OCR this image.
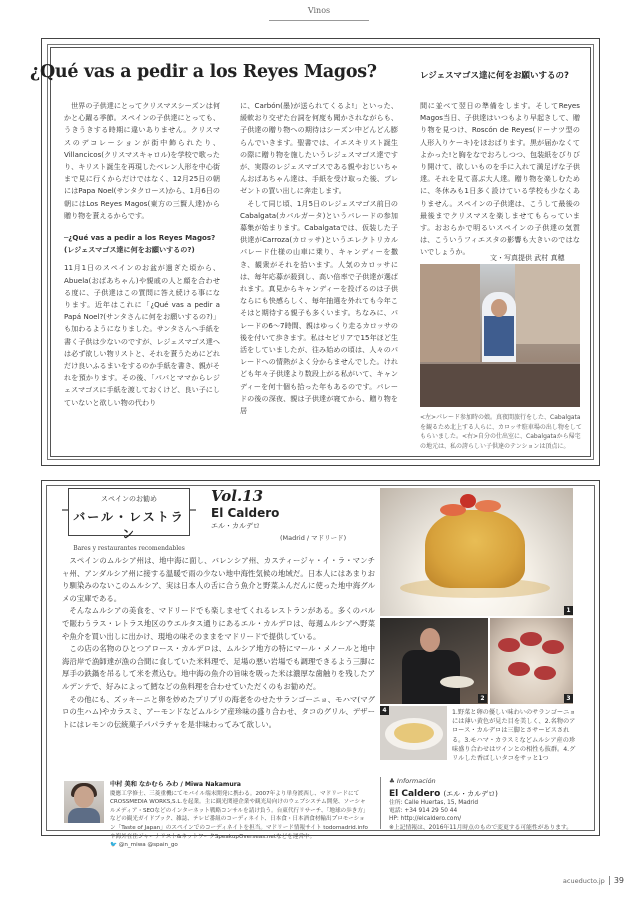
Vinos
¿Qué vas a pedir a los Reyes Magos?	レジェスマゴス達に何をお願いするの?

世界の子供達にとってクリスマスシーズンは何かと心躍る季節。スペインの子供達にとっても、うきうきする時期に違いありません。クリスマスのデコレーションが街中飾られたり、Villancicos(クリスマスキャロル)を学校で歌ったり、キリスト誕生を再現したベレン人形を中心街まで見に行くからだけではなく、12月25日の朝にはPapa Noel(サンタクロース)から、1月6日の朝にはLos Reyes Magos(東方の三賢人達)から贈り物を貰えるからです。

─¿Qué vas a pedir a los Reyes Magos?
(レジェスマゴス達に何をお願いするの?)

11月1日のスペインのお盆が過ぎた頃から、Abuela(おばあちゃん)や親戚の人と顔を合わせる度に、子供達はこの質問に答え続ける事になります。近年はこれに「¿Qué vas a pedir a Papá Noel?(サンタさんに何をお願いするの?)」も加わるようになりました。サンタさんへ手紙を書く子供は少ないのですが、レジェスマゴス達へは必ず欲しい物リストと、それを貰うためにどれだけ良いふるまいをするのか手紙を書き、親がそれを預かります。その後、「パパとママからレジェスマゴスに手紙を渡しておくけど、良い子にしていないと欲しい物の代わり

に、Carbón(墨)が送られてくるよ!」といった、緩軟おり交ぜた台詞を何度も聞かされながらも、子供達の贈り物への期待はシーズン中どんどん膨らんでいきます。聖書では、イエスキリスト誕生の際に贈り物を施したいうレジェスマゴス達ですが、実際のレジェスマゴスである親やおじいちゃんおばあちゃん達は、手紙を受け取った後、プレゼントの買い出しに奔走します。

そして同じ頃、1月5日のレジェスマゴス前日のCabalgata(カバルガータ)というパレードの参加募集が始まります。Cabalgataでは、仮装した子供達がCarroza(カロッサ)というエレクトリカルパレード仕様の山車に乗り、キャンディーを撒き、観衆がそれを拾います。人気のカロッサには、毎年応募が殺到し、高い倍率で子供達が選ばれます。真見からキャンディーを投げるのは子供ならにも快感らしく、毎年抽選を外れても今年こそはと期待する親子も多くいます。ちなみに、パレードの6～7時間、親はゆっくり走るカロッサの後を付いて歩きます。私はセビリアで15年ほど生活をしていましたが、往み始めの頃は、人々のパレードへの情熱がよく分からませんでした。けれども年々子供達より数段上がる私がいて、キャンディーを何十個も拾った年もあるのです。パレードの後の深夜、親は子供達が寝てから、贈り物を居

間に並べて翌日の準備をします。そしてReyes Magos当日、子供達はいつもより早起きして、贈り物を見つけ、Roscón de Reyes(ドーナツ型の人形入りケーキ)をほおばります。黒が届かなくてよかった!と胸をなでおろしつつ、包装紙をびりびり開けて、欲しいものを手に入れて満足げな子供達。それを見て喜ぶ大人達。贈り物を楽しむために、冬休みも1日多く設けている学校も少なくありません。スペインの子供達は、こうして最後の最後までクリスマスを楽しませてもらっています。おおらかで明るいスペインの子供達の気質は、こういうフィエスタの影響も大きいのではないでしょうか。

文・写真提供 武村 真穂
<左>パレード参加時の娘。真夜間旅行をした、Cabalgataを観るため北上する人らに、カロッサ駐車場の出し物をしてもらいました。<右>自分の仕出室に、Cabalgataから帰宅の地元は、私の誇らしい子供達のテンションは頂点に。
スペインのお勧め
バール・レストラン
Bares y restaurantes recomendables
Vol.13
El Caldero
エル・カルデロ
(Madrid / マドリード)

スペインのムルシア州は、地中海に面し、バレンシア州、カスティージャ・イ・ラ・マンチャ州、アンダルシア州に接する温暖で雨の少ない地中海性気候の地域だ。日本人にはあまりおり馴染みのないこのムルシア、実は日本人の舌に合う魚介と野菜ふんだんに使った地中海グルメの宝庫である。

そんなムルシアの美食を、マドリードでも楽しませてくれるレストランがある。多くのバルで賑わうラス・レトラス地区のウエルタス通りにあるエル・カルデロは、毎週ムルシアへ野菜や魚介を買い出しに出かけ、現地の味そのままをマドリードで提供している。

この店の名物のひとつアロース・カルデロは、ムルシア地方の特にマール・メノールと地中海沿岸で漁師達が漁の合間に食していた米料理で、足場の悪い岩場でも調理できるよう三脚に厚手の鉄鍋を吊るして米を煮込む。地中海の魚介の旨味を吸った米は濃厚な歯触りを残したアルデンテで、好みによって鱈などの魚料理を合わせていただくのもお勧めだ。

その他にも、ズッキーニと卵を炒めたプリプリの海老をのせたサランゴーニョ、モハマ(マグロの生ハム)やカラスミ、アーモンドなどムルシア産珍味の盛り合わせ、タコのグリル、デザートにはレモンの伝統菓子パパラチャを是非味わってみて欲しい。

1
2	3
4	1.野菜と卵の優しい味わいのサランゴーニョには薄い黄色が見た目を美しく、2.名物のアロース・カルデロは三脚とさサービスされる。3.モハマ・カラスミなどムルシア産の珍味盛り合わせはワインとの相性も抜群。4.グリルした香ばしいタコをサッと1つ
中村 美和 なかむら みわ / Miwa Nakamura
慶應工学修士、三菱重機にてモバイル端末開発に携わる。2007年より単身渡西し、マドリードにてCROSSMEDIA WORKS,S.L.を起業。主に観光関連企業や観光局向けのウェブシステム開発、ソーシャルメディア・SEOなどのインターネット戦略コンサルを請け負う。台東代行リサーチ、「地球の歩き方」などの観光ガイドブック、雑誌、テレビ番組のコーディネイト、日本食・日本酒食材輸出プロモーション「Taste of Japan」のスペインでのコーディネイトを担当。マドリード情報サイト todomadrid.info や海外在住ジャーナリスト&ネットワークSpeakupOverseas.netなどを運営中。
🐦 @n_miwa @spain_go
♣ Información
El Caldero (エル・カルデロ)
住所: Calle Huertas, 15, Madrid
電話: +34 914 29 50 44
HP: http://elcaldero.com/
※上記情報は、2016年11月時点のもので変更する可能性があります。
acueducto.jp 39
